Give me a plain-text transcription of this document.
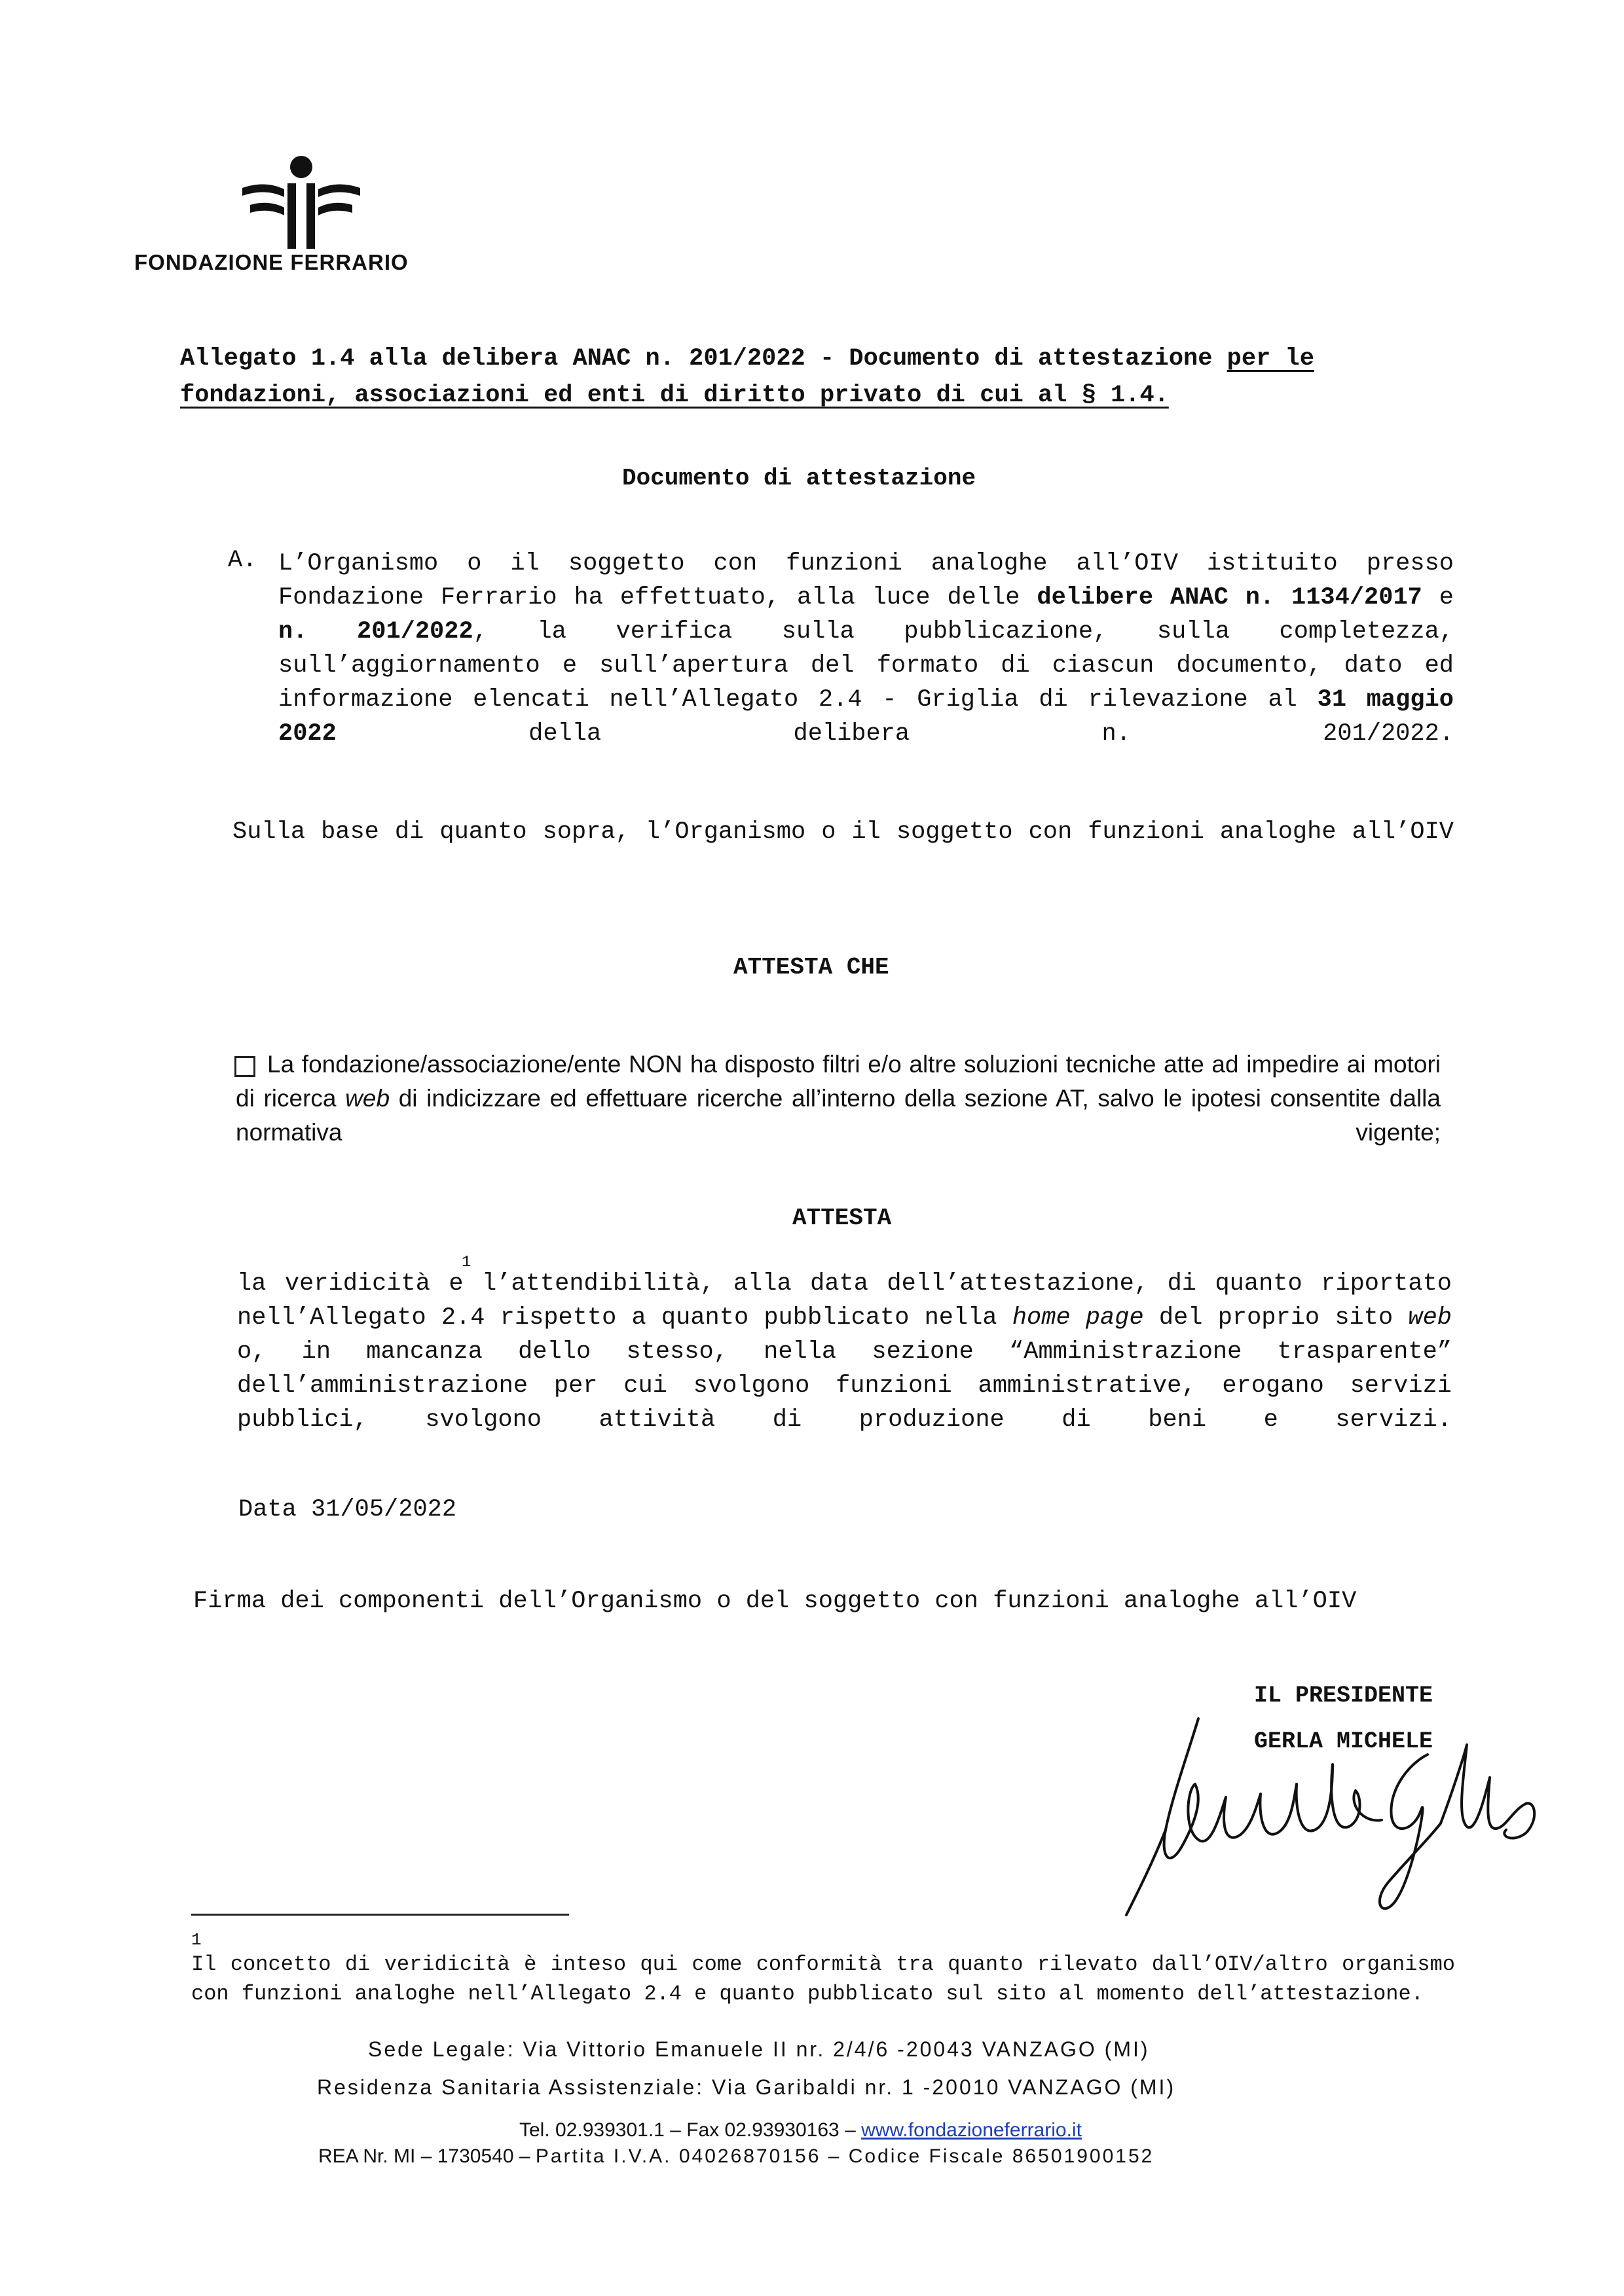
FONDAZIONE FERRARIO
Allegato 1.4 alla delibera ANAC n. 201/2022 - Documento di attestazione per le
fondazioni, associazioni ed enti di diritto privato di cui al § 1.4.
Documento di attestazione
A. L’Organismo o il soggetto con funzioni analoghe all’OIV istituito presso Fondazione Ferrario ha effettuato, alla luce delle delibere ANAC n. 1134/2017 e n. 201/2022, la verifica sulla pubblicazione, sulla completezza, sull’aggiornamento e sull’apertura del formato di ciascun documento, dato ed informazione elencati nell’Allegato 2.4 - Griglia di rilevazione al 31 maggio 2022 della delibera n. 201/2022.
Sulla base di quanto sopra, l’Organismo o il soggetto con funzioni analoghe all’OIV
ATTESTA CHE
La fondazione/associazione/ente NON ha disposto filtri e/o altre soluzioni tecniche atte ad impedire ai motori di ricerca web di indicizzare ed effettuare ricerche all’interno della sezione AT, salvo le ipotesi consentite dalla normativa vigente;
ATTESTA
1
la veridicità e l’attendibilità, alla data dell’attestazione, di quanto riportato nell’Allegato 2.4 rispetto a quanto pubblicato nella home page del proprio sito web o, in mancanza dello stesso, nella sezione “Amministrazione trasparente” dell’amministrazione per cui svolgono funzioni amministrative, erogano servizi pubblici, svolgono attività di produzione di beni e servizi.
Data 31/05/2022
Firma dei componenti dell’Organismo o del soggetto con funzioni analoghe all’OIV
IL PRESIDENTE
GERLA MICHELE
1
Il concetto di veridicità è inteso qui come conformità tra quanto rilevato dall’OIV/altro organismo con funzioni analoghe nell’Allegato 2.4 e quanto pubblicato sul sito al momento dell’attestazione.
Sede Legale: Via Vittorio Emanuele II nr. 2/4/6 -20043 VANZAGO (MI)
Residenza Sanitaria Assistenziale: Via Garibaldi nr. 1 -20010 VANZAGO (MI)
Tel. 02.939301.1 – Fax 02.93930163 – www.fondazioneferrario.it
REA Nr. MI – 1730540 – Partita I.V.A. 04026870156 – Codice Fiscale 86501900152
